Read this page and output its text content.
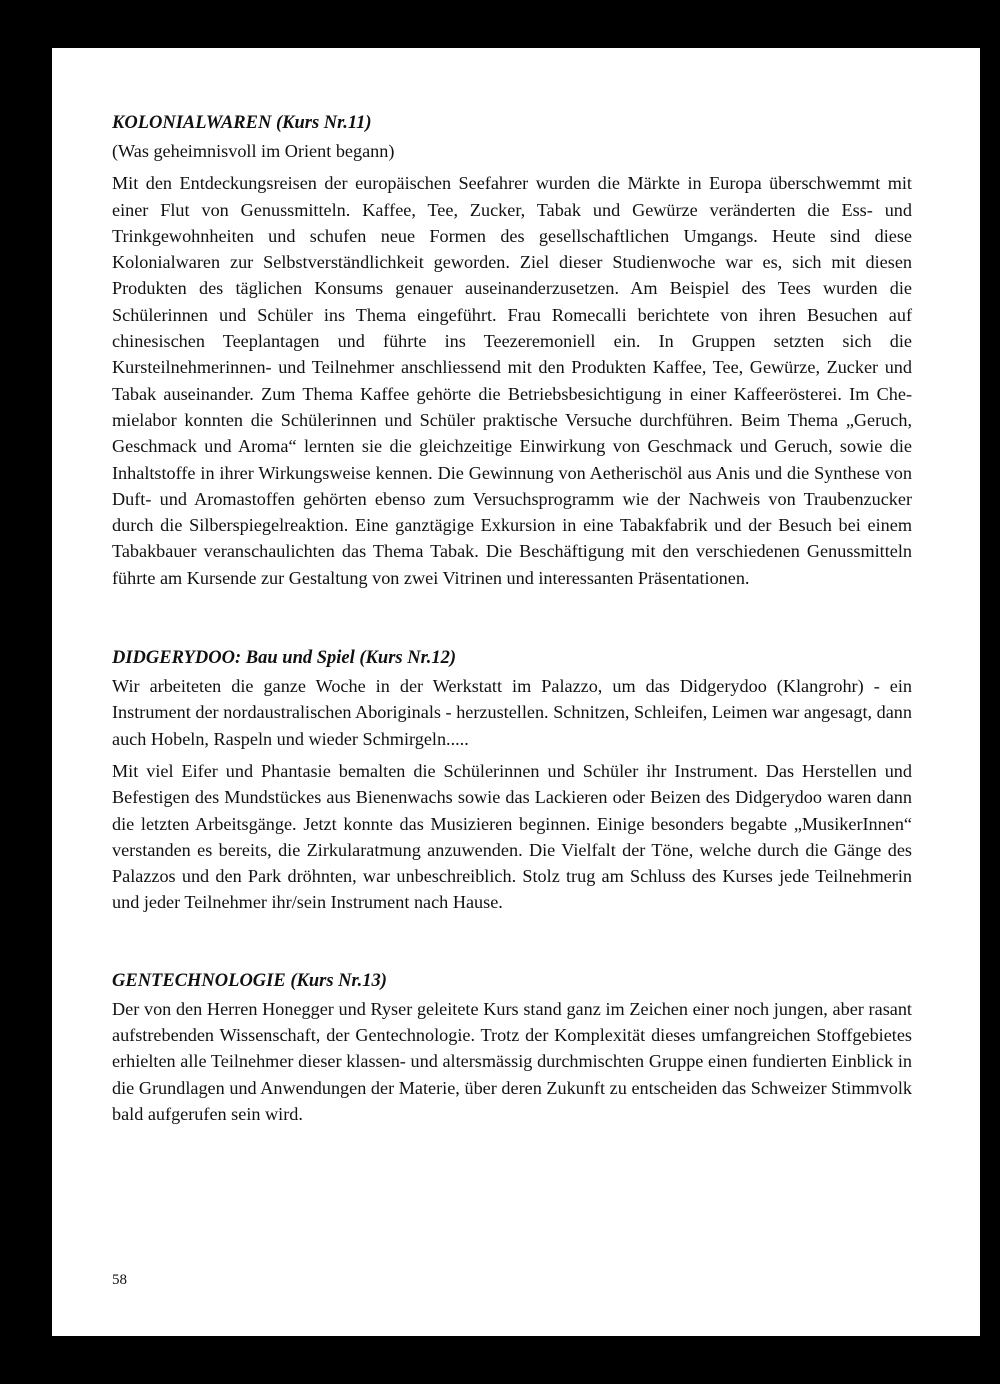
KOLONIALWAREN (Kurs Nr.11)

(Was geheimnisvoll im Orient begann)

Mit den Entdeckungsreisen der europäischen Seefahrer wurden die Märkte in Europa überschwemmt mit einer Flut von Genussmitteln. Kaffee, Tee, Zucker, Tabak und Gewürze veränderten die Ess- und Trinkgewohnheiten und schufen neue Formen des gesellschaftlichen Umgangs. Heute sind diese Kolonialwaren zur Selbstverständlichkeit geworden. Ziel dieser Studienwoche war es, sich mit diesen Produkten des täglichen Konsums genauer auseinanderzusetzen. Am Beispiel des Tees wurden die Schülerinnen und Schüler ins Thema eingeführt. Frau Romecalli berichtete von ihren Besuchen auf chinesischen Teeplantagen und führte ins Teezeremoniell ein. In Gruppen setzten sich die Kursteilnehmerinnen- und Teilnehmer anschliessend mit den Produkten Kaffee, Tee, Gewürze, Zucker und Tabak auseinander. Zum Thema Kaffee gehörte die Betriebsbesichtigung in einer Kaffeerösterei. Im Chemielabor konnten die Schülerinnen und Schüler praktische Versuche durchführen. Beim Thema „Geruch, Geschmack und Aroma“ lernten sie die gleichzeitige Einwirkung von Geschmack und Geruch, sowie die Inhaltstoffe in ihrer Wirkungsweise kennen. Die Gewinnung von Aetherischöl aus Anis und die Synthese von Duft- und Aromastoffen gehörten ebenso zum Versuchsprogramm wie der Nachweis von Traubenzucker durch die Silberspiegelreaktion. Eine ganztägige Exkursion in eine Tabakfabrik und der Besuch bei einem Tabakbauer veranschaulichten das Thema Tabak. Die Beschäftigung mit den verschiedenen Genussmitteln führte am Kursende zur Gestaltung von zwei Vitrinen und interessanten Präsentationen.

DIDGERYDOO: Bau und Spiel (Kurs Nr.12)

Wir arbeiteten die ganze Woche in der Werkstatt im Palazzo, um das Didgerydoo (Klangrohr) - ein Instrument der nordaustralischen Aboriginals - herzustellen. Schnitzen, Schleifen, Leimen war angesagt, dann auch Hobeln, Raspeln und wieder Schmirgeln.....

Mit viel Eifer und Phantasie bemalten die Schülerinnen und Schüler ihr Instrument. Das Herstellen und Befestigen des Mundstückes aus Bienenwachs sowie das Lackieren oder Beizen des Didgerydoo waren dann die letzten Arbeitsgänge. Jetzt konnte das Musizieren beginnen. Einige besonders begabte „MusikerInnen“ verstanden es bereits, die Zirkularatmung anzuwenden. Die Vielfalt der Töne, welche durch die Gänge des Palazzos und den Park dröhnten, war unbeschreiblich. Stolz trug am Schluss des Kurses jede Teilnehmerin und jeder Teilnehmer ihr/sein Instrument nach Hause.

GENTECHNOLOGIE (Kurs Nr.13)

Der von den Herren Honegger und Ryser geleitete Kurs stand ganz im Zeichen einer noch jungen, aber rasant aufstrebenden Wissenschaft, der Gentechnologie. Trotz der Komplexität dieses umfangreichen Stoffgebietes erhielten alle Teilnehmer dieser klassen- und altersmässig durchmischten Gruppe einen fundierten Einblick in die Grundlagen und Anwendungen der Materie, über deren Zukunft zu entscheiden das Schweizer Stimmvolk bald aufgerufen sein wird.

58
